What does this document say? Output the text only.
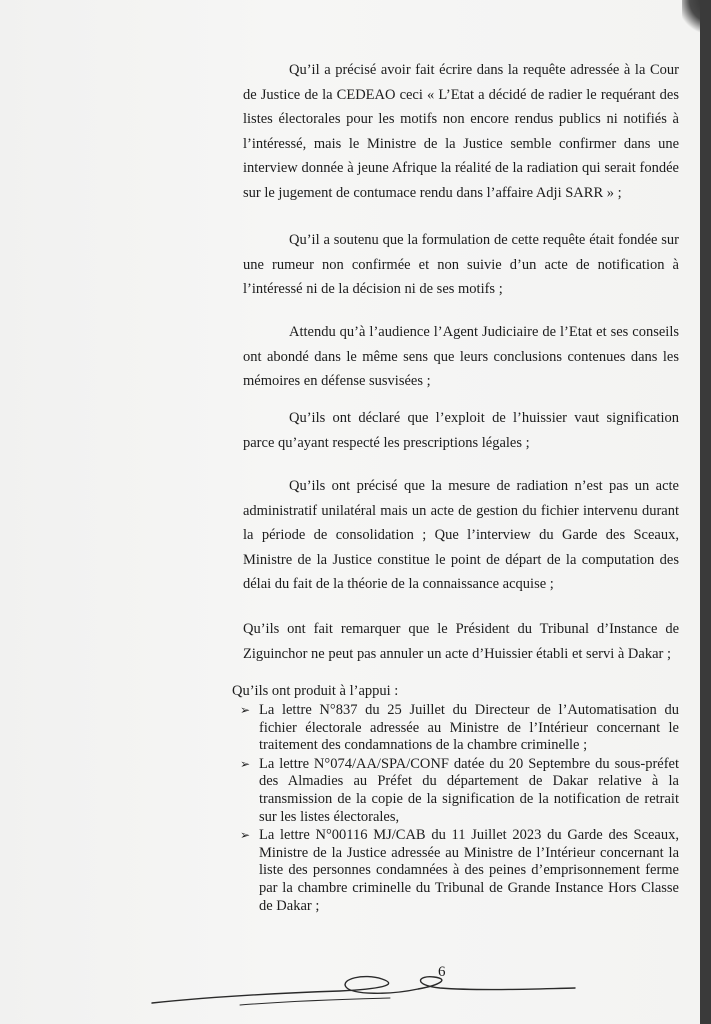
Qu’il a précisé avoir fait écrire dans la requête adressée à la Cour de Justice de la CEDEAO ceci « L’Etat a décidé de radier le requérant des listes électorales pour les motifs non encore rendus publics ni notifiés à l’intéressé, mais le Ministre de la Justice semble confirmer dans une interview donnée à jeune Afrique la réalité de la radiation qui serait fondée sur le jugement de contumace rendu dans l’affaire Adji SARR » ;

Qu’il a soutenu que la formulation de cette requête était fondée sur une rumeur non confirmée et non suivie d’un acte de notification à l’intéressé ni de la décision ni de ses motifs ;

Attendu qu’à l’audience l’Agent Judiciaire de l’Etat et ses conseils ont abondé dans le même sens que leurs conclusions contenues dans les mémoires en défense susvisées ;

Qu’ils ont déclaré que l’exploit de l’huissier vaut signification parce qu’ayant respecté les prescriptions légales ;

Qu’ils ont précisé que la mesure de radiation n’est pas un acte administratif unilatéral mais un acte de gestion du fichier intervenu durant la période de consolidation ; Que l’interview du Garde des Sceaux, Ministre de la Justice constitue le point de départ de la computation des délai du fait de la théorie de la connaissance acquise ;

Qu’ils ont fait remarquer que le Président du Tribunal d’Instance de Ziguinchor ne peut pas annuler un acte d’Huissier établi et servi à Dakar ;

Qu’ils ont produit à l’appui :

➢ La lettre N°837 du 25 Juillet du Directeur de l’Automatisation du fichier électorale adressée au Ministre de l’Intérieur concernant le traitement des condamnations de la chambre criminelle ;
➢ La lettre N°074/AA/SPA/CONF datée du 20 Septembre du sous-préfet des Almadies au Préfet du département de Dakar relative à la transmission de la copie de la signification de la notification de retrait sur les listes électorales,
➢ La lettre N°00116 MJ/CAB du 11 Juillet 2023 du Garde des Sceaux, Ministre de la Justice adressée au Ministre de l’Intérieur concernant la liste des personnes condamnées à des peines d’emprisonnement ferme par la chambre criminelle du Tribunal de Grande Instance Hors Classe de Dakar ;
6
